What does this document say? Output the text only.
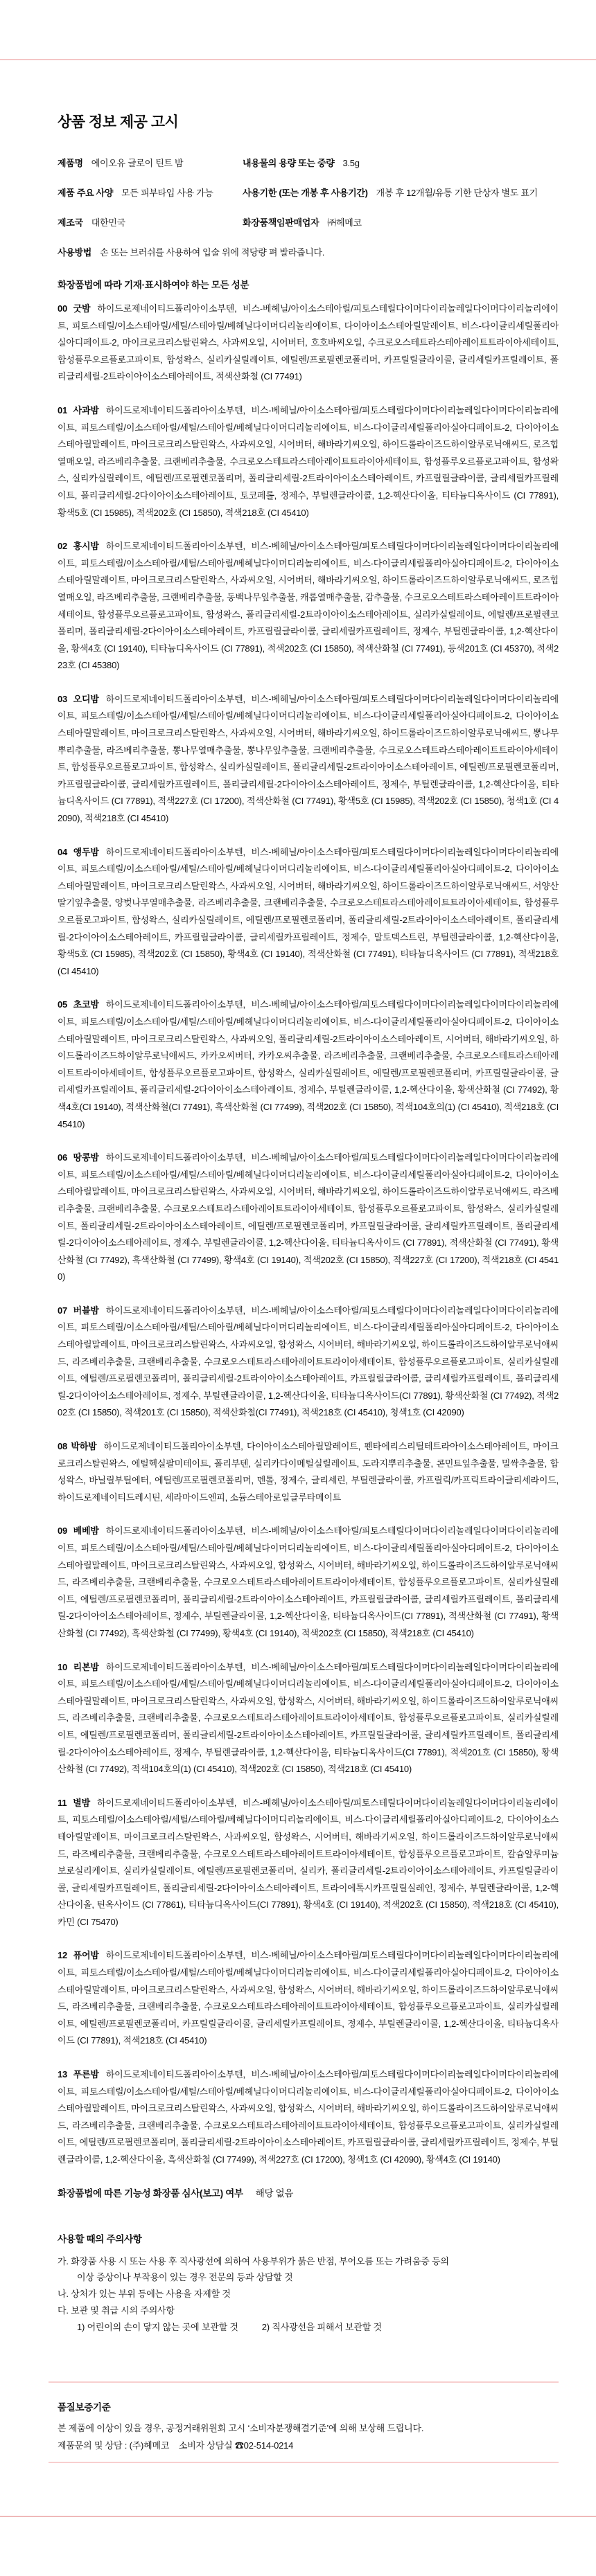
상품 정보 제공 고시
제품명 에이오유 글로이 틴트 밤	내용물의 용량 또는 중량 3.5g
제품 주요 사양 모든 피부타입 사용 가능	사용기한 (또는 개봉 후 사용기간) 개봉 후 12개월/유통 기한 단상자 별도 표기
제조국 대한민국	화장품책임판매업자 ㈜헤메코
사용방법 손 또는 브러쉬를 사용하여 입술 위에 적당량 펴 발라줍니다.
화장품법에 따라 기재·표시하여야 하는 모든 성분

00 굿밤 하이드로제네이티드폴리아이소부텐, 비스-베헤닐/아이소스테아릴/피토스테릴다이머다이리놀레일다이머다이리놀리에이트, 피토스테릴/이소스테아릴/세틸/스테아릴/베헤닐다이머디리놀리에이트, 다이아이소스테아릴말레이트, 비스-다이글리세릴폴리아실아디페이트-2, 마이크로크리스탈린왁스, 사과씨오일, 시어버터, 호호바씨오일, 수크로오스테트라스테아레이트트라이아세테이트, 합성플루오르플로고파이트, 합성왁스, 실리카실릴레이트, 에틸렌/프로필렌코폴리머, 카프릴릴글라이콜, 글리세릴카프릴레이트, 폴리글리세릴-2트라이아이소스테아레이트, 적색산화철 (CI 77491)

01 사과밤 하이드로제네이티드폴리아이소부텐, 비스-베헤닐/아이소스테아릴/피토스테릴다이머다이리놀레일다이머다이리놀리에이트, 피토스테릴/이소스테아릴/세틸/스테아릴/베헤닐다이머디리놀리에이트, 비스-다이글리세릴폴리아실아디페이트-2, 다이아이소스테아릴말레이트, 마이크로크리스탈린왁스, 사과씨오일, 시어버터, 해바라기씨오일, 하이드롤라이즈드하이알루로닉애씨드, 로즈힙열매오일, 라즈베리추출물, 크랜베리추출물, 수크로오스테트라스테아레이트트라이아세테이트, 합성플루오르플로고파이트, 합성왁스, 실리카실릴레이트, 에틸렌/프로필렌코폴리머, 폴리글리세릴-2트라이아이소스테아레이트, 카프릴릴글라이콜, 글리세릴카프릴레이트, 폴리글리세릴-2다이아이소스테아레이트, 토코페롤, 정제수, 부틸렌글라이콜, 1,2-헥산다이올, 티타늄디옥사이드 (CI 77891), 황색5호 (CI 15985), 적색202호 (CI 15850), 적색218호 (CI 45410)

02 홍시밤 하이드로제네이티드폴리아이소부텐, 비스-베헤닐/아이소스테아릴/피토스테릴다이머다이리놀레일다이머다이리놀리에이트, 피토스테릴/이소스테아릴/세틸/스테아릴/베헤닐다이머디리놀리에이트, 비스-다이글리세릴폴리아실아디페이트-2, 다이아이소스테아릴말레이트, 마이크로크리스탈린왁스, 사과씨오일, 시어버터, 해바라기씨오일, 하이드롤라이즈드하이알루로닉애씨드, 로즈힙열매오일, 라즈베리추출물, 크랜베리추출물, 동백나무잎추출물, 캐롭열매추출물, 감추출물, 수크로오스테트라스테아레이트트라이아세테이트, 합성플루오르플로고파이트, 합성왁스, 폴리글리세릴-2트라이아이소스테아레이트, 실리카실릴레이트, 에틸렌/프로필렌코폴리머, 폴리글리세릴-2다이아이소스테아레이트, 카프릴릴글라이콜, 글리세릴카프릴레이트, 정제수, 부틸렌글라이콜, 1,2-헥산다이올, 황색4호 (CI 19140), 티타늄디옥사이드 (CI 77891), 적색202호 (CI 15850), 적색산화철 (CI 77491), 등색201호 (CI 45370), 적색223호 (CI 45380)

03 오디밤 하이드로제네이티드폴리아이소부텐, 비스-베헤닐/아이소스테아릴/피토스테릴다이머다이리놀레일다이머다이리놀리에이트, 피토스테릴/이소스테아릴/세틸/스테아릴/베헤닐다이머디리놀리에이트, 비스-다이글리세릴폴리아실아디페이트-2, 다이아이소스테아릴말레이트, 마이크로크리스탈린왁스, 사과씨오일, 시어버터, 해바라기씨오일, 하이드롤라이즈드하이알루로닉애씨드, 뽕나무뿌리추출물, 라즈베리추출물, 뽕나무열매추출물, 뽕나무잎추출물, 크랜베리추출물, 수크로오스테트라스테아레이트트라이아세테이트, 합성플루오르플로고파이트, 합성왁스, 실리카실릴레이트, 폴리글리세릴-2트라이아이소스테아레이트, 에틸렌/프로필렌코폴리머, 카프릴릴글라이콜, 글리세릴카프릴레이트, 폴리글리세릴-2다이아이소스테아레이트, 정제수, 부틸렌글라이콜, 1,2-헥산다이올, 티타늄디옥사이드 (CI 77891), 적색227호 (CI 17200), 적색산화철 (CI 77491), 황색5호 (CI 15985), 적색202호 (CI 15850), 청색1호 (CI 42090), 적색218호 (CI 45410)

04 앵두밤 하이드로제네이티드폴리아이소부텐, 비스-베헤닐/아이소스테아릴/피토스테릴다이머다이리놀레일다이머다이리놀리에이트, 피토스테릴/이소스테아릴/세틸/스테아릴/베헤닐다이머디리놀리에이트, 비스-다이글리세릴폴리아실아디페이트-2, 다이아이소스테아릴말레이트, 마이크로크리스탈린왁스, 사과씨오일, 시어버터, 해바라기씨오일, 하이드롤라이즈드하이알루로닉애씨드, 서양산딸기잎추출물, 양벚나무열매추출물, 라즈베리추출물, 크랜베리추출물, 수크로오스테트라스테아레이트트라이아세테이트, 합성플루오르플로고파이트, 합성왁스, 실리카실릴레이트, 에틸렌/프로필렌코폴리머, 폴리글리세릴-2트라이아이소스테아레이트, 폴리글리세릴-2다이아이소스테아레이트, 카프릴릴글라이콜, 글리세릴카프릴레이트, 정제수, 말토덱스트린, 부틸렌글라이콜, 1,2-헥산다이올, 황색5호 (CI 15985), 적색202호 (CI 15850), 황색4호 (CI 19140), 적색산화철 (CI 77491), 티타늄디옥사이드 (CI 77891), 적색218호 (CI 45410)

05 초코밤 하이드로제네이티드폴리아이소부텐, 비스-베헤닐/아이소스테아릴/피토스테릴다이머다이리놀레일다이머다이리놀리에이트, 피토스테릴/이소스테아릴/세틸/스테아릴/베헤닐다이머디리놀리에이트, 비스-다이글리세릴폴리아실아디페이트-2, 다이아이소스테아릴말레이트, 마이크로크리스탈린왁스, 사과씨오일, 폴리글리세릴-2트라이아이소스테아레이트, 시어버터, 해바라기씨오일, 하이드롤라이즈드하이알루로닉애씨드, 카카오씨버터, 카카오씨추출물, 라즈베리추출물, 크랜베리추출물, 수크로오스테트라스테아레이트트라이아세테이트, 합성플루오르플로고파이트, 합성왁스, 실리카실릴레이트, 에틸렌/프로필렌코폴리머, 카프릴릴글라이콜, 글리세릴카프릴레이트, 폴리글리세릴-2다이아이소스테아레이트, 정제수, 부틸렌글라이콜, 1,2-헥산다이올, 황색산화철 (CI 77492), 황색4호(CI 19140), 적색산화철(CI 77491), 흑색산화철 (CI 77499), 적색202호 (CI 15850), 적색104호의(1) (CI 45410), 적색218호 (CI 45410)

06 땅콩밤 하이드로제네이티드폴리아이소부텐, 비스-베헤닐/아이소스테아릴/피토스테릴다이머다이리놀레일다이머다이리놀리에이트, 피토스테릴/이소스테아릴/세틸/스테아릴/베헤닐다이머디리놀리에이트, 비스-다이글리세릴폴리아실아디페이트-2, 다이아이소스테아릴말레이트, 마이크로크리스탈린왁스, 사과씨오일, 시어버터, 해바라기씨오일, 하이드롤라이즈드하이알루로닉애씨드, 라즈베리추출물, 크랜베리추출물, 수크로오스테트라스테아레이트트라이아세테이트, 합성플루오르플로고파이트, 합성왁스, 실리카실릴레이트, 폴리글리세릴-2트라이아이소스테아레이트, 에틸렌/프로필렌코폴리머, 카프릴릴글라이콜, 글리세릴카프릴레이트, 폴리글리세릴-2다이아이소스테아레이트, 정제수, 부틸렌글라이콜, 1,2-헥산다이올, 티타늄디옥사이드 (CI 77891), 적색산화철 (CI 77491), 황색산화철 (CI 77492), 흑색산화철 (CI 77499), 황색4호 (CI 19140), 적색202호 (CI 15850), 적색227호 (CI 17200), 적색218호 (CI 45410)

07 버블밤 하이드로제네이티드폴리아이소부텐, 비스-베헤닐/아이소스테아릴/피토스테릴다이머다이리놀레일다이머다이리놀리에이트, 피토스테릴/이소스테아릴/세틸/스테아릴/베헤닐다이머디리놀리에이트, 비스-다이글리세릴폴리아실아디페이트-2, 다이아이소스테아릴말레이트, 마이크로크리스탈린왁스, 사과씨오일, 합성왁스, 시어버터, 해바라기씨오일, 하이드롤라이즈드하이알루로닉애씨드, 라즈베리추출물, 크랜베리추출물, 수크로오스테트라스테아레이트트라이아세테이트, 합성플루오르플로고파이트, 실리카실릴레이트, 에틸렌/프로필렌코폴리머, 폴리글리세릴-2트라이아이소스테아레이트, 카프릴릴글라이콜, 글리세릴카프릴레이트, 폴리글리세릴-2다이아이소스테아레이트, 정제수, 부틸렌글라이콜, 1,2-헥산다이올, 티타늄디옥사이드(CI 77891), 황색산화철 (CI 77492), 적색202호 (CI 15850), 적색201호 (CI 15850), 적색산화철(CI 77491), 적색218호 (CI 45410), 청색1호 (CI 42090)

08 박하밤 하이드로제네이티드폴리아이소부텐, 다이아이소스테아릴말레이트, 펜타에리스리틸테트라아이소스테아레이트, 마이크로크리스탈린왁스, 에틸헥실팔미테이트, 폴리부텐, 실리카다이메틸실릴레이트, 도라지뿌리추출물, 콘민트잎추출물, 밀싹추출물, 합성왁스, 바닐릴부틸에터, 에틸렌/프로필렌코폴리머, 멘톨, 정제수, 글리세린, 부틸렌글라이콜, 카프릴릭/카프릭트라이글리세라이드, 하이드로제네이티드레시틴, 세라마이드엔피, 소듐스테아로일글루타메이트

09 베베밤 하이드로제네이티드폴리아이소부텐, 비스-베헤닐/아이소스테아릴/피토스테릴다이머다이리놀레일다이머다이리놀리에이트, 피토스테릴/이소스테아릴/세틸/스테아릴/베헤닐다이머디리놀리에이트, 비스-다이글리세릴폴리아실아디페이트-2, 다이아이소스테아릴말레이트, 마이크로크리스탈린왁스, 사과씨오일, 합성왁스, 시어버터, 해바라기씨오일, 하이드롤라이즈드하이알루로닉애씨드, 라즈베리추출물, 크랜베리추출물, 수크로오스테트라스테아레이트트라이아세테이트, 합성플루오르플로고파이트, 실리카실릴레이트, 에틸렌/프로필렌코폴리머, 폴리글리세릴-2트라이아이소스테아레이트, 카프릴릴글라이콜, 글리세릴카프릴레이트, 폴리글리세릴-2다이아이소스테아레이트, 정제수, 부틸렌글라이콜, 1,2-헥산다이올, 티타늄디옥사이드(CI 77891), 적색산화철 (CI 77491), 황색산화철 (CI 77492), 흑색산화철 (CI 77499), 황색4호 (CI 19140), 적색202호 (CI 15850), 적색218호 (CI 45410)

10 리본밤 하이드로제네이티드폴리아이소부텐, 비스-베헤닐/아이소스테아릴/피토스테릴다이머다이리놀레일다이머다이리놀리에이트, 피토스테릴/이소스테아릴/세틸/스테아릴/베헤닐다이머디리놀리에이트, 비스-다이글리세릴폴리아실아디페이트-2, 다이아이소스테아릴말레이트, 마이크로크리스탈린왁스, 사과씨오일, 합성왁스, 시어버터, 해바라기씨오일, 하이드롤라이즈드하이알루로닉애씨드, 라즈베리추출물, 크랜베리추출물, 수크로오스테트라스테아레이트트라이아세테이트, 합성플루오르플로고파이트, 실리카실릴레이트, 에틸렌/프로필렌코폴리머, 폴리글리세릴-2트라이아이소스테아레이트, 카프릴릴글라이콜, 글리세릴카프릴레이트, 폴리글리세릴-2다이아이소스테아레이트, 정제수, 부틸렌글라이콜, 1,2-헥산다이올, 티타늄디옥사이드(CI 77891), 적색201호 (CI 15850), 황색산화철 (CI 77492), 적색104호의(1) (CI 45410), 적색202호 (CI 15850), 적색218호 (CI 45410)

11 별밤 하이드로제네이티드폴리아이소부텐, 비스-베헤닐/아이소스테아릴/피토스테릴다이머다이리놀레일다이머다이리놀리에이트, 피토스테릴/이소스테아릴/세틸/스테아릴/베헤닐다이머디리놀리에이트, 비스-다이글리세릴폴리아실아디페이트-2, 다이아이소스테아릴말레이트, 마이크로크리스탈린왁스, 사과씨오일, 합성왁스, 시어버터, 해바라기씨오일, 하이드롤라이즈드하이알루로닉애씨드, 라즈베리추출물, 크랜베리추출물, 수크로오스테트라스테아레이트트라이아세테이트, 합성플루오르플로고파이트, 칼슘알루미늄보로실리케이트, 실리카실릴레이트, 에틸렌/프로필렌코폴리머, 실리카, 폴리글리세릴-2트라이아이소스테아레이트, 카프릴릴글라이콜, 글리세릴카프릴레이트, 폴리글리세릴-2다이아이소스테아레이트, 트라이에톡시카프릴릴실레인, 정제수, 부틸렌글라이콜, 1,2-헥산다이올, 틴옥사이드 (CI 77861), 티타늄디옥사이드(CI 77891), 황색4호 (CI 19140), 적색202호 (CI 15850), 적색218호 (CI 45410), 카민 (CI 75470)

12 퓨어밤 하이드로제네이티드폴리아이소부텐, 비스-베헤닐/아이소스테아릴/피토스테릴다이머다이리놀레일다이머다이리놀리에이트, 피토스테릴/이소스테아릴/세틸/스테아릴/베헤닐다이머디리놀리에이트, 비스-다이글리세릴폴리아실아디페이트-2, 다이아이소스테아릴말레이트, 마이크로크리스탈린왁스, 사과씨오일, 합성왁스, 시어버터, 해바라기씨오일, 하이드롤라이즈드하이알루로닉애씨드, 라즈베리추출물, 크랜베리추출물, 수크로오스테트라스테아레이트트라이아세테이트, 합성플루오르플로고파이트, 실리카실릴레이트, 에틸렌/프로필렌코폴리머, 카프릴릴글라이콜, 글리세릴카프릴레이트, 정제수, 부틸렌글라이콜, 1,2-헥산다이올, 티타늄디옥사이드 (CI 77891), 적색218호 (CI 45410)

13 푸른밤 하이드로제네이티드폴리아이소부텐, 비스-베헤닐/아이소스테아릴/피토스테릴다이머다이리놀레일다이머다이리놀리에이트, 피토스테릴/이소스테아릴/세틸/스테아릴/베헤닐다이머디리놀리에이트, 비스-다이글리세릴폴리아실아디페이트-2, 다이아이소스테아릴말레이트, 마이크로크리스탈린왁스, 사과씨오일, 합성왁스, 시어버터, 해바라기씨오일, 하이드롤라이즈드하이알루로닉애씨드, 라즈베리추출물, 크랜베리추출물, 수크로오스테트라스테아레이트트라이아세테이트, 합성플루오르플로고파이트, 실리카실릴레이트, 에틸렌/프로필렌코폴리머, 폴리글리세릴-2트라이아이소스테아레이트, 카프릴릴글라이콜, 글리세릴카프릴레이트, 정제수, 부틸렌글라이콜, 1,2-헥산다이올, 흑색산화철 (CI 77499), 적색227호 (CI 17200), 청색1호 (CI 42090), 황색4호 (CI 19140)

화장품법에 따른 기능성 화장품 심사(보고) 여부 해당 없음

사용할 때의 주의사항
가. 화장품 사용 시 또는 사용 후 직사광선에 의하여 사용부위가 붉은 반점, 부어오름 또는 가려움증 등의
이상 증상이나 부작용이 있는 경우 전문의 등과 상담할 것
나. 상처가 있는 부위 등에는 사용을 자제할 것
다. 보관 및 취급 시의 주의사항
1) 어린이의 손이 닿지 않는 곳에 보관할 것	2) 직사광선을 피해서 보관할 것
품질보증기준
본 제품에 이상이 있을 경우, 공정거래위원회 고시 ‘소비자분쟁해결기준’에 의해 보상해 드립니다.
제품문의 및 상담 : (주)헤메코    소비자 상담실 ☎02-514-0214
